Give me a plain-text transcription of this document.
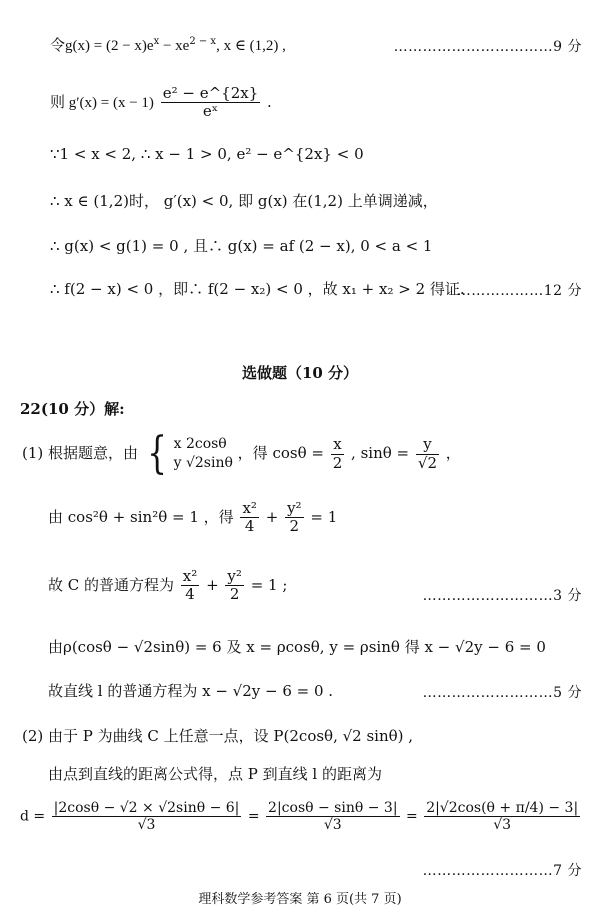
令$g(x) = (2 - x)e^x - xe^{2 - x}$, x ∈ (1,2) ,	……………………………9 分
则 $g'(x) = (x - 1) \frac{\text{e² − e\textasciicircum{}\{2x\}}}{\text{eˣ}}$ .
∵1 < x < 2, ∴ x − 1 > 0, e² − e^{2x} < 0
∴ x ∈ (1,2)时， g′(x) < 0, 即 g(x) 在(1,2) 上单调递减，
∴ g(x) < g(1) = 0 , 且∴ g(x) = af (2 − x), 0 < a < 1
∴ f(2 − x) < 0 ，即∴ f(2 − x₂) < 0 ，故 x₁ + x₂ > 2 得证.
………………12 分
选做题（10 分）
22(10 分）解:
(1) 根据题意，由 { x 2cosθ
y √2sinθ
，得 $\cos\theta = \frac{x}{2}$ , $\sin\theta = \frac{y}{√2}$ ，
由 cos²θ + sin²θ = 1 ，得 $\frac{\text{x²}}{4} + \frac{\text{y²}}{2} = 1$
故 C 的普通方程为 $\frac{\text{x²}}{4} + \frac{\text{y²}}{2} = 1$ ;
………………………3 分
由ρ(cosθ − √2sinθ) = 6 及 x = ρcosθ, y = ρsinθ 得 x − √2y − 6 = 0
故直线 l 的普通方程为 x − √2y − 6 = 0 .	………………………5 分
(2) 由于 P 为曲线 C 上任意一点，设 P(2cosθ, √2 sinθ) ,
由点到直线的距离公式得，点 P 到直线 l 的距离为
$d = \frac{|2\cos\theta - √2 \times √2\sin\theta - 6|}{√3} = \frac{2|\cos\theta - \sin\theta - 3|}{√3} = \frac{2|√2\cos(\theta + \pi/4) - 3|}{√3}$
………………………7 分
理科数学参考答案 第 6 页(共 7 页)
